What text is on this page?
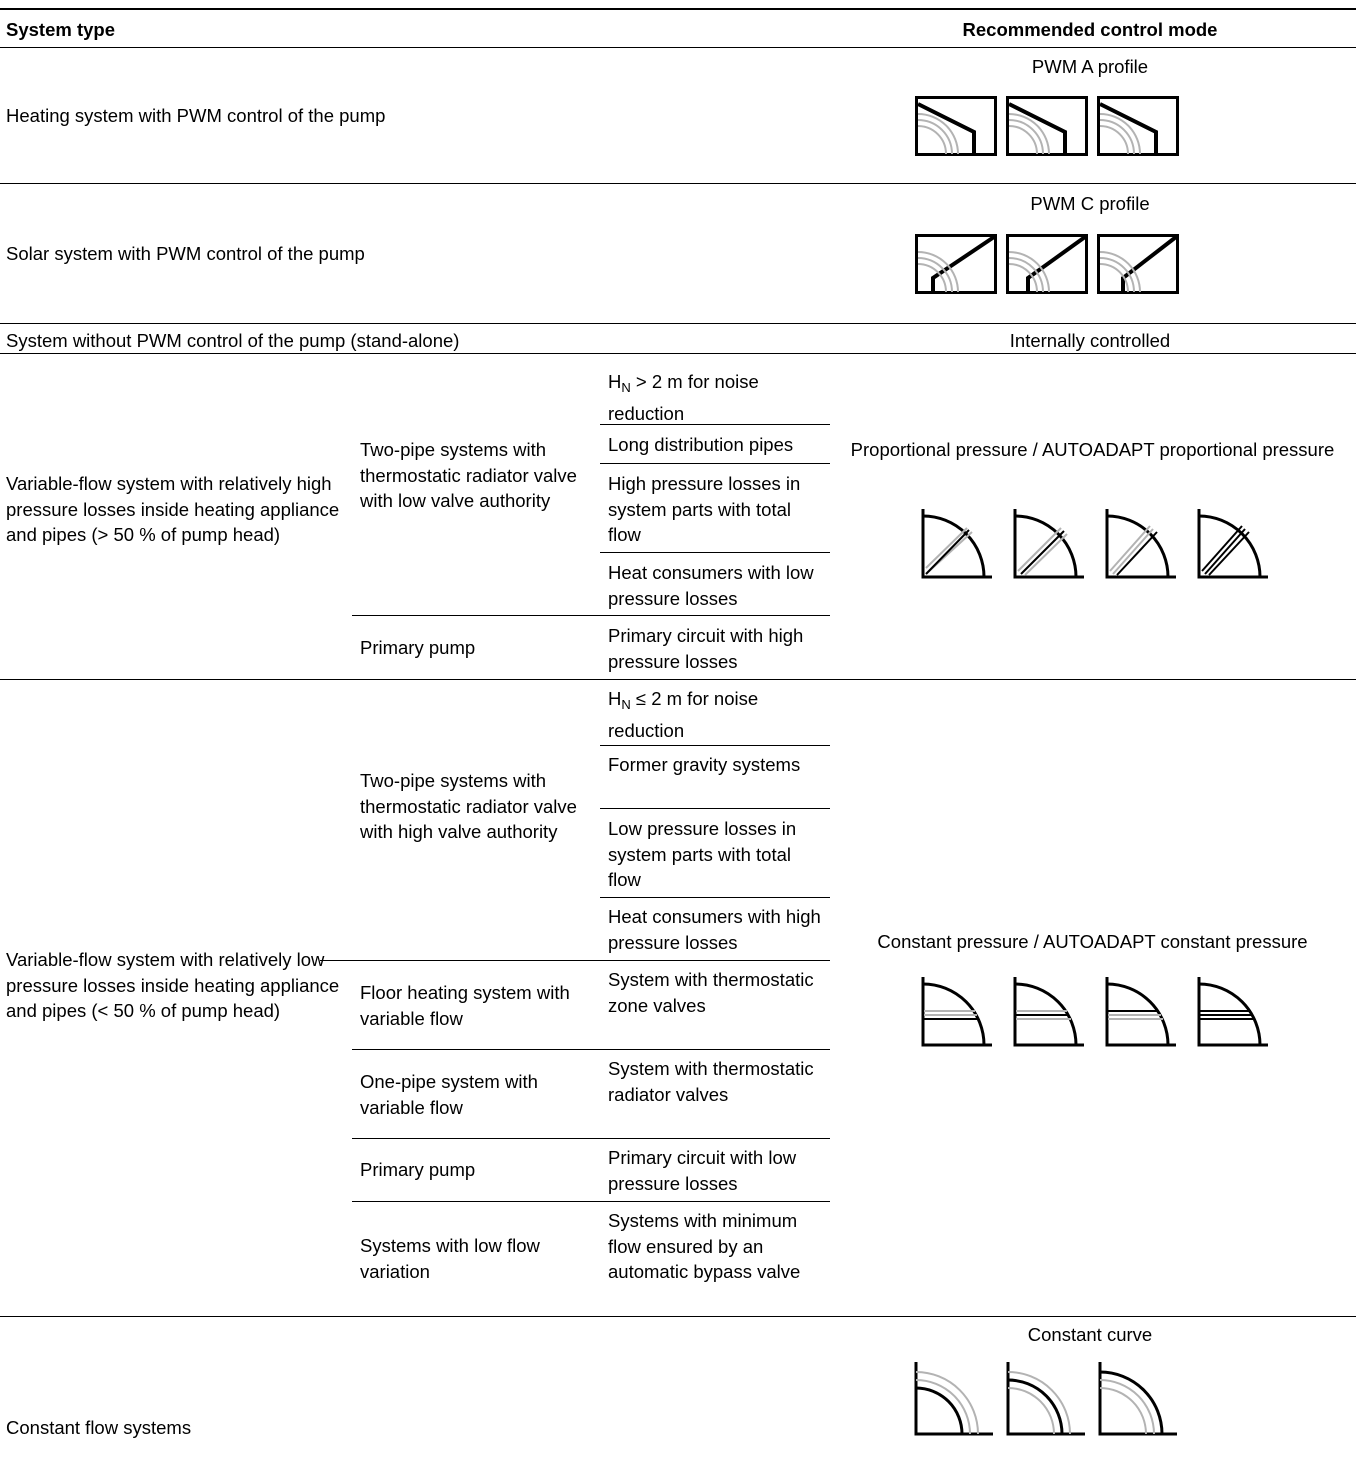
System type	Recommended control mode
Heating system with PWM control of the pump
PWM A profile
Solar system with PWM control of the pump
PWM C profile
System without PWM control of the pump (stand-alone)	Internally controlled
Variable-flow system with relatively high pressure losses inside heating appliance and pipes (> 50 % of pump head)
Two-pipe systems with thermostatic radiator valve with low valve authority
$H_N > 2$ m for noise reduction
Long distribution pipes
High pressure losses in system parts with total flow
Heat consumers with low pressure losses
Primary pump
Primary circuit with high pressure losses
Proportional pressure / AUTOADAPT proportional pressure
Variable-flow system with relatively low pressure losses inside heating appliance and pipes (< 50 % of pump head)
Two-pipe systems with thermostatic radiator valve with high valve authority
$H_N \le 2$ m for noise reduction
Former gravity systems
Low pressure losses in system parts with total flow
Heat consumers with high pressure losses
Floor heating system with variable flow
System with thermostatic zone valves
One-pipe system with variable flow
System with thermostatic radiator valves
Primary pump
Primary circuit with low pressure losses
Systems with low flow variation
Systems with minimum flow ensured by an automatic bypass valve
Constant pressure / AUTOADAPT constant pressure
Constant flow systems
Constant curve
